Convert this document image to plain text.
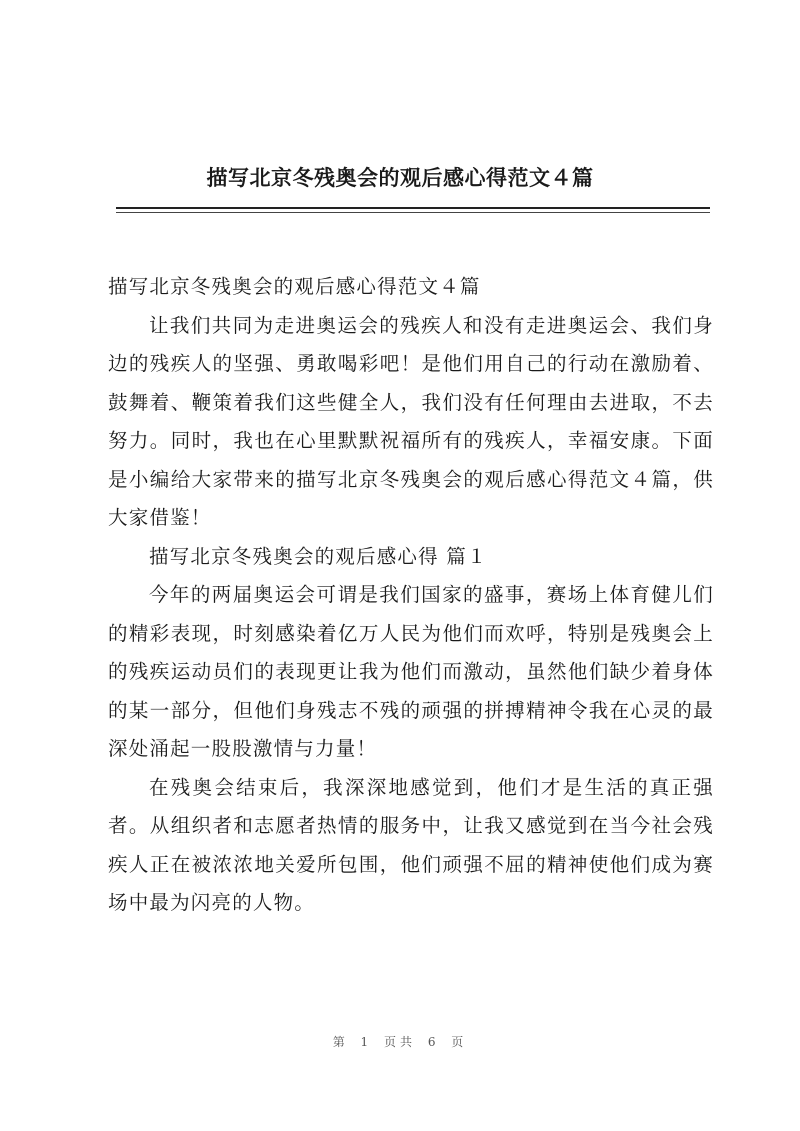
描写北京冬残奥会的观后感心得范文４篇

描写北京冬残奥会的观后感心得范文４篇

让我们共同为走进奥运会的残疾人和没有走进奥运会、我们身边的残疾人的坚强、勇敢喝彩吧！是他们用自己的行动在激励着、鼓舞着、鞭策着我们这些健全人，我们没有任何理由去进取，不去努力。同时，我也在心里默默祝福所有的残疾人，幸福安康。下面是小编给大家带来的描写北京冬残奥会的观后感心得范文４篇，供大家借鉴！

描写北京冬残奥会的观后感心得 篇１

今年的两届奥运会可谓是我们国家的盛事，赛场上体育健儿们的精彩表现，时刻感染着亿万人民为他们而欢呼，特别是残奥会上的残疾运动员们的表现更让我为他们而激动，虽然他们缺少着身体的某一部分，但他们身残志不残的顽强的拼搏精神令我在心灵的最深处涌起一股股激情与力量！

在残奥会结束后，我深深地感觉到，他们才是生活的真正强者。从组织者和志愿者热情的服务中，让我又感觉到在当今社会残疾人正在被浓浓地关爱所包围，他们顽强不屈的精神使他们成为赛场中最为闪亮的人物。

第 1 页共 6 页
